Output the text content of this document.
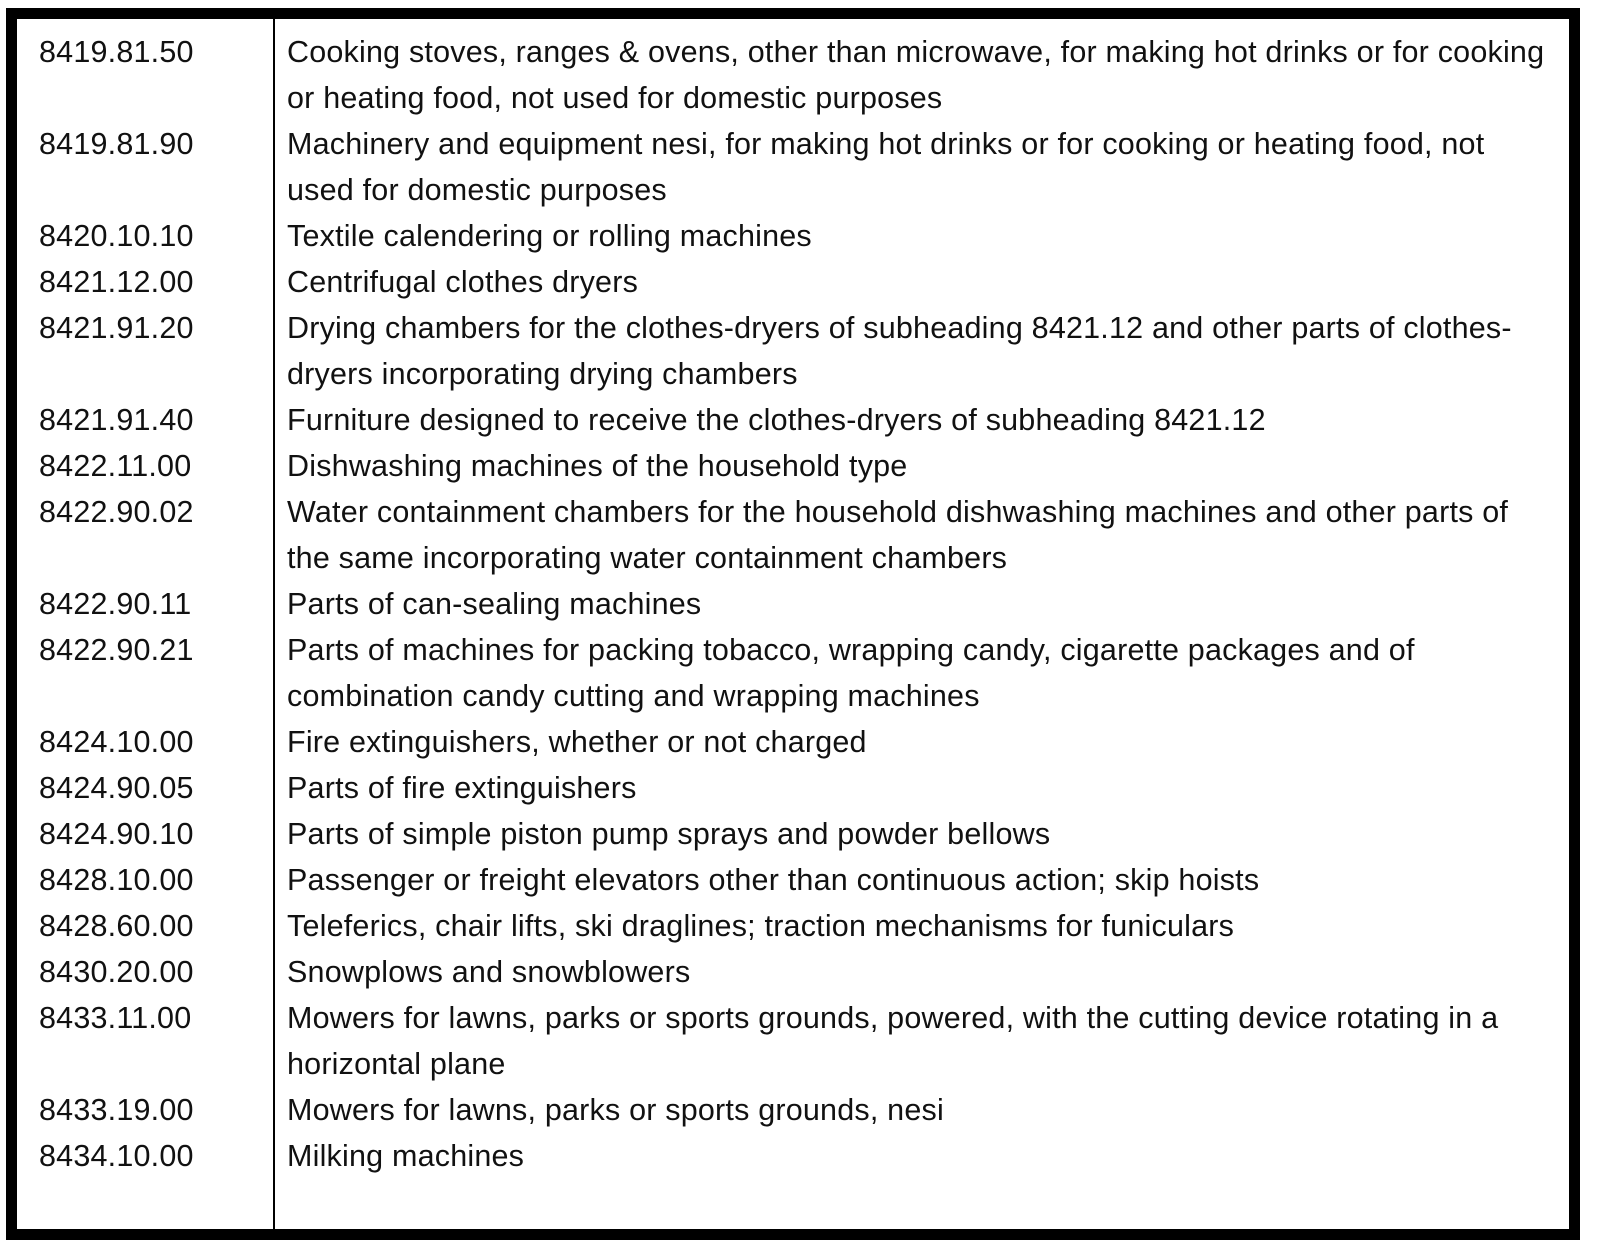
8419.81.50	Cooking stoves, ranges & ovens, other than microwave, for making hot drinks or for cooking or heating food, not used for domestic purposes
8419.81.90	Machinery and equipment nesi, for making hot drinks or for cooking or heating food, not used for domestic purposes
8420.10.10	Textile calendering or rolling machines
8421.12.00	Centrifugal clothes dryers
8421.91.20	Drying chambers for the clothes-dryers of subheading 8421.12 and other parts of clothes-dryers incorporating drying chambers
8421.91.40	Furniture designed to receive the clothes-dryers of subheading 8421.12
8422.11.00	Dishwashing machines of the household type
8422.90.02	Water containment chambers for the household dishwashing machines and other parts of the same incorporating water containment chambers
8422.90.11	Parts of can-sealing machines
8422.90.21	Parts of machines for packing tobacco, wrapping candy, cigarette packages and of combination candy cutting and wrapping machines
8424.10.00	Fire extinguishers, whether or not charged
8424.90.05	Parts of fire extinguishers
8424.90.10	Parts of simple piston pump sprays and powder bellows
8428.10.00	Passenger or freight elevators other than continuous action; skip hoists
8428.60.00	Teleferics, chair lifts, ski draglines; traction mechanisms for funiculars
8430.20.00	Snowplows and snowblowers
8433.11.00	Mowers for lawns, parks or sports grounds, powered, with the cutting device rotating in a horizontal plane
8433.19.00	Mowers for lawns, parks or sports grounds, nesi
8434.10.00	Milking machines
